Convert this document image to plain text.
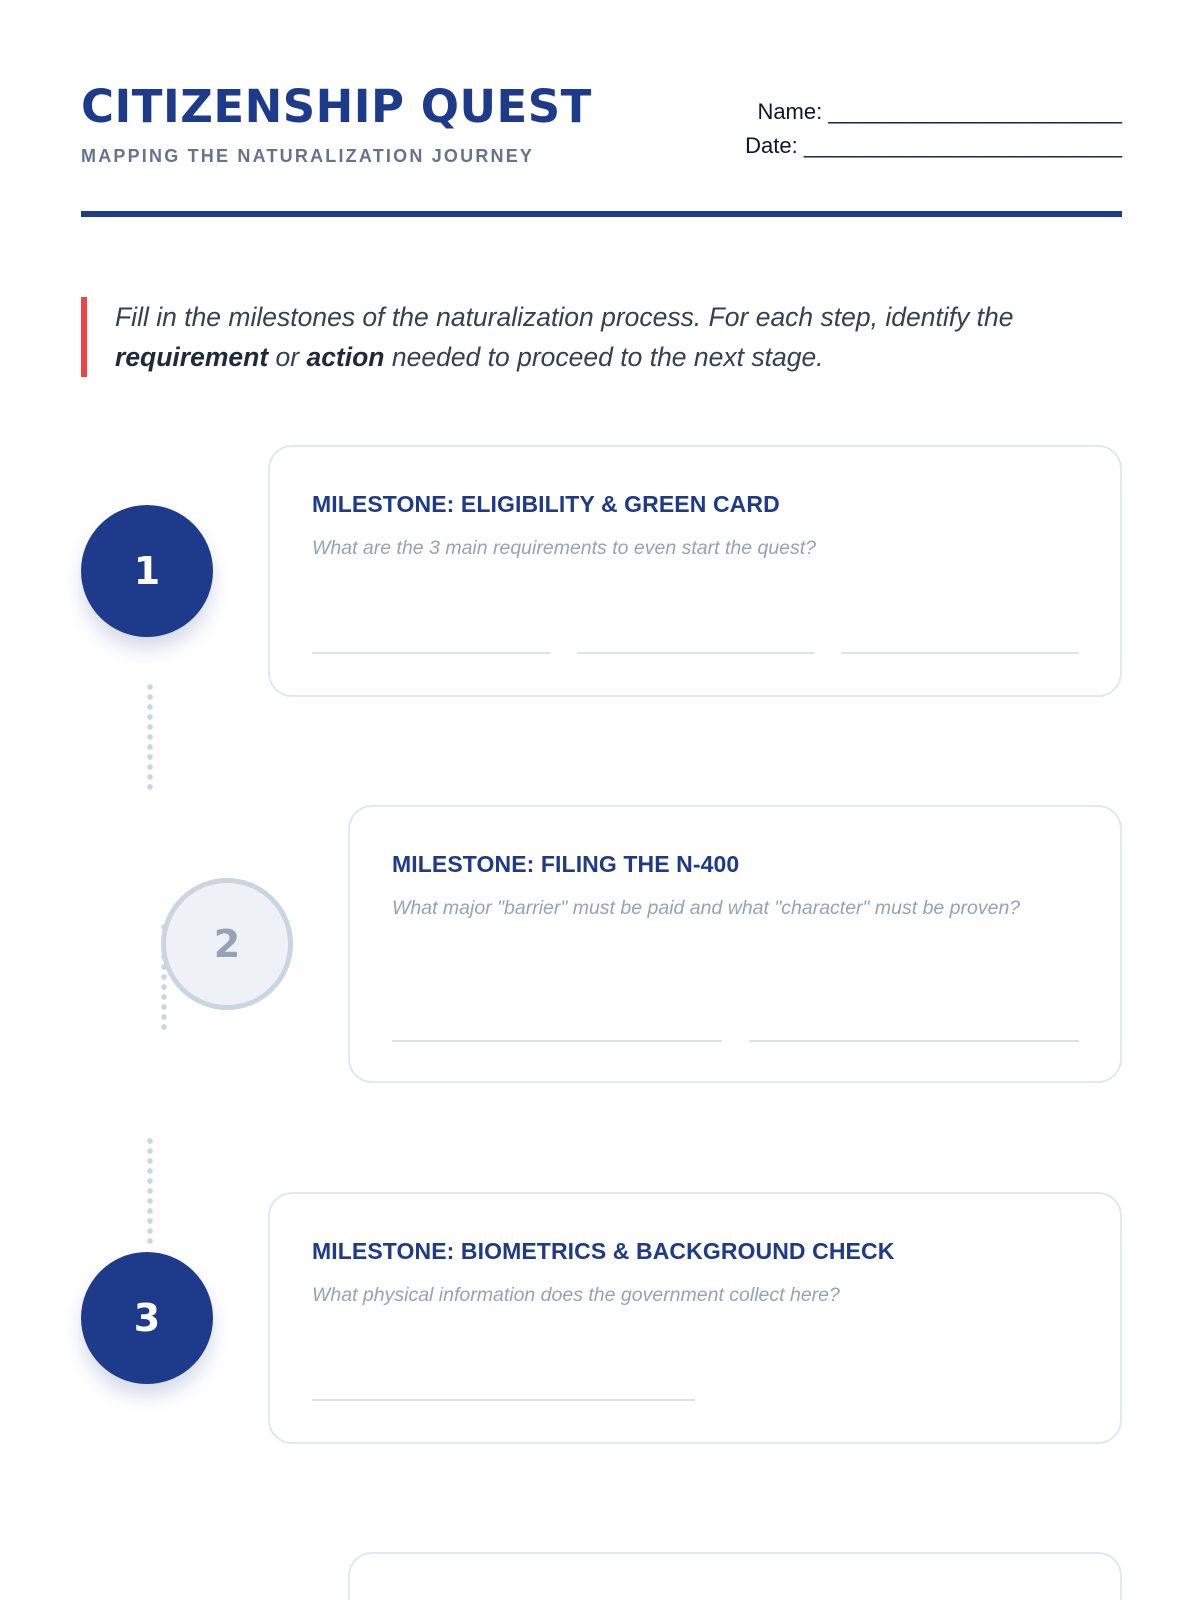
CITIZENSHIP QUEST
MAPPING THE NATURALIZATION JOURNEY
Name: ________________________
Date: __________________________
Fill in the milestones of the naturalization process. For each step, identify the requirement or action needed to proceed to the next stage.
1
MILESTONE: ELIGIBILITY & GREEN CARD
What are the 3 main requirements to even start the quest?
2
MILESTONE: FILING THE N-400
What major "barrier" must be paid and what "character" must be proven?
3
MILESTONE: BIOMETRICS & BACKGROUND CHECK
What physical information does the government collect here?
